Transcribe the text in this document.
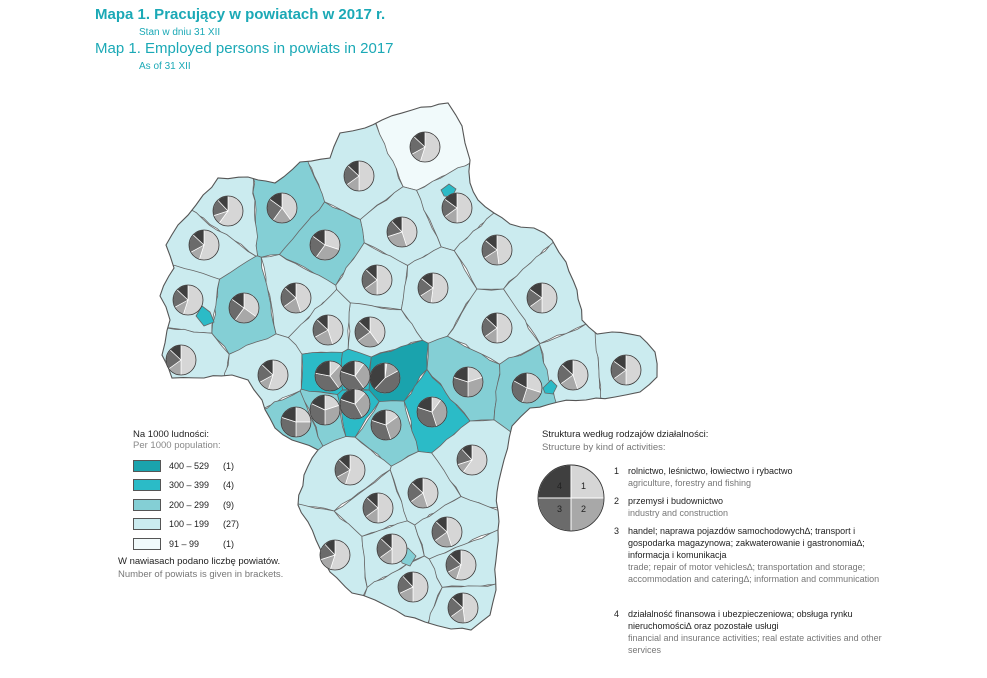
Mapa 1. Pracujący w powiatach w 2017 r.
Stan w dniu 31 XII
Map 1. Employed persons in powiats in 2017
As of 31 XII
Na 1000 ludności:
Per 1000 population:
400 – 529	(1)
300 – 399	(4)
200 – 299	(9)
100 – 199	(27)
91 – 99	(1)
W nawiasach podano liczbę powiatów.
Number of powiats is given in brackets.
Struktura według rodzajów działalności:
Structure by kind of activities:
1
2
3
4
1 rolnictwo, leśnictwo, łowiectwo i rybactwo
agriculture, forestry and fishing
2 przemysł i budownictwo
industry and construction
3 handel; naprawa pojazdów samochodowych∆; transport i gospodarka magazynowa; zakwaterowanie i gastronomia∆; informacja i komunikacja
trade; repair of motor vehicles∆; transportation and storage; accommodation and catering∆; information and communication
4 działalność finansowa i ubezpieczeniowa; obsługa rynku nieruchomości∆ oraz pozostałe usługi
financial and insurance activities; real estate activities and other services
